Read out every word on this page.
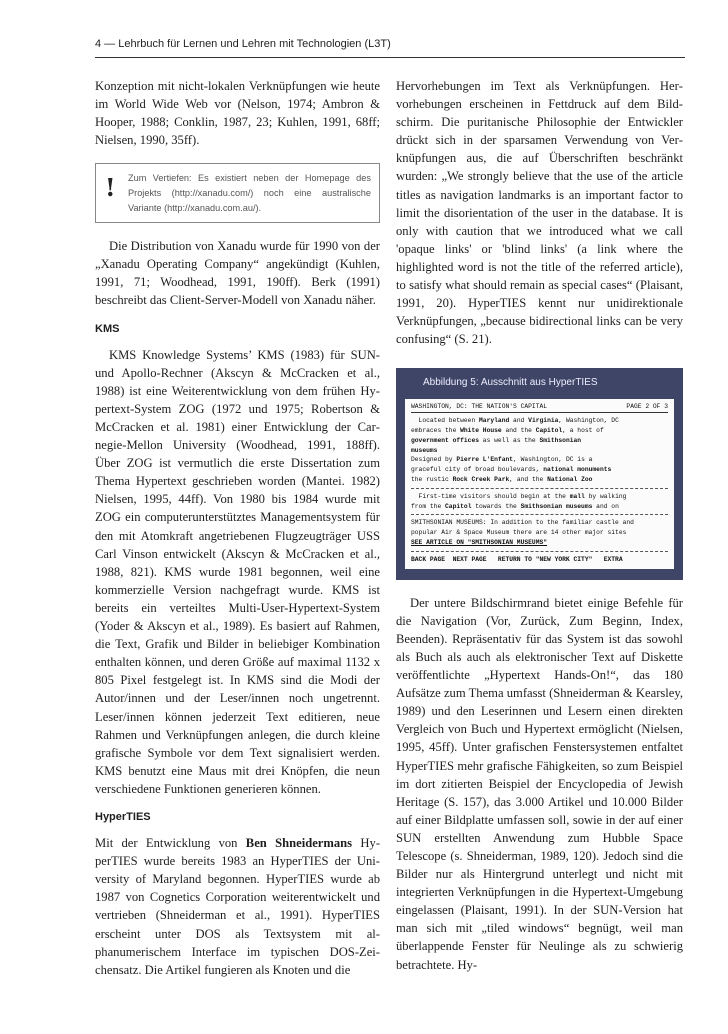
4 — Lehrbuch für Lernen und Lehren mit Technologien (L3T)

Konzeption mit nicht-lokalen Verknüpfungen wie heute im World Wide Web vor (Nelson, 1974; Ambron & Hooper, 1988; Conklin, 1987, 23; Kuhlen, 1991, 68ff; Nielsen, 1990, 35ff).

! Zum Vertiefen: Es existiert neben der Homepage des Projekts (http://xanadu.com/) noch eine australische Variante (http://xanadu.com.au/).

Die Distribution von Xanadu wurde für 1990 von der „Xanadu Operating Company“ angekündigt (Kuhlen, 1991, 71; Woodhead, 1991, 190ff). Berk (1991) beschreibt das Client-Server-Modell von Xanadu näher.

KMS

KMS Knowledge Systems’ KMS (1983) für SUN- und Apollo-Rechner (Akscyn & McCracken et al., 1988) ist eine Weiterentwicklung von dem frühen Hypertext-System ZOG (1972 und 1975; Robertson & McCracken et al. 1981) einer Entwicklung der Carnegie-Mellon University (Woodhead, 1991, 188ff). Über ZOG ist vermutlich die erste Dissertation zum Thema Hypertext geschrieben worden (Mantei. 1982) Nielsen, 1995, 44ff). Von 1980 bis 1984 wurde mit ZOG ein computerunterstütztes Managementsystem für den mit Atomkraft angetriebenen Flugzeugträger USS Carl Vinson entwickelt (Akscyn & McCracken et al., 1988, 821). KMS wurde 1981 begonnen, weil eine kommerzielle Version nachgefragt wurde. KMS ist bereits ein verteiltes Multi-User-Hypertext-System (Yoder & Akscyn et al., 1989). Es basiert auf Rahmen, die Text, Grafik und Bilder in beliebiger Kombination enthalten können, und deren Größe auf maximal 1132 x 805 Pixel festgelegt ist. In KMS sind die Modi der Autor/innen und der Leser/innen noch ungetrennt. Leser/innen können jederzeit Text editieren, neue Rahmen und Verknüpfungen anlegen, die durch kleine grafische Symbole vor dem Text signalisiert werden. KMS benutzt eine Maus mit drei Knöpfen, die neun verschiedene Funktionen generieren können.

HyperTIES

Mit der Entwicklung von Ben Shneidermans HyperTIES wurde bereits 1983 an HyperTIES der University of Maryland begonnen. HyperTIES wurde ab 1987 von Cognetics Corporation weiterentwickelt und vertrieben (Shneiderman et al., 1991). HyperTIES erscheint unter DOS als Textsystem mit alphanumerischem Interface im typischen DOS-Zeichensatz. Die Artikel fungieren als Knoten und die

Hervorhebungen im Text als Verknüpfungen. Hervorhebungen erscheinen in Fettdruck auf dem Bildschirm. Die puritanische Philosophie der Entwickler drückt sich in der sparsamen Verwendung von Verknüpfungen aus, die auf Überschriften beschränkt wurden: „We strongly believe that the use of the article titles as navigation landmarks is an important factor to limit the disorientation of the user in the database. It is only with caution that we introduced what we call 'opaque links' or 'blind links' (a link where the highlighted word is not the title of the referred article), to satisfy what should remain as special cases“ (Plaisant, 1991, 20). HyperTIES kennt nur unidirektionale Verknüpfungen, „because bidirectional links can be very confusing“ (S. 21).

Abbildung 5: Ausschnitt aus HyperTIES
WASHINGTON, DC: THE NATION'S CAPITAL	PAGE 2 OF 3
Located between Maryland and Virginia, Washington, DC
embraces the White House and the Capitol, a host of
government offices as well as the Smithsonian
museums
Designed by Pierre L'Enfant, Washington, DC is a
graceful city of broad boulevards, national monuments
the rustic Rock Creek Park, and the National Zoo
First-time visitors should begin at the mall by walking
from the Capitol towards the Smithsonian museums and on
SMITHSONIAN MUSEUMS: In addition to the familiar castle and
popular Air & Space Museum there are 14 other major sites
SEE ARTICLE ON "SMITHSONIAN MUSEUMS"
BACK PAGE  NEXT PAGE   RETURN TO "NEW YORK CITY"   EXTRA

Der untere Bildschirmrand bietet einige Befehle für die Navigation (Vor, Zurück, Zum Beginn, Index, Beenden). Repräsentativ für das System ist das sowohl als Buch als auch als elektronischer Text auf Diskette veröffentlichte „Hypertext Hands-On!“, das 180 Aufsätze zum Thema umfasst (Shneiderman & Kearsley, 1989) und den Leserinnen und Lesern einen direkten Vergleich von Buch und Hypertext ermöglicht (Nielsen, 1995, 45ff). Unter grafischen Fenstersystemen entfaltet HyperTIES mehr grafische Fähigkeiten, so zum Beispiel im dort zitierten Beispiel der Encyclopedia of Jewish Heritage (S. 157), das 3.000 Artikel und 10.000 Bilder auf einer Bildplatte umfassen soll, sowie in der auf einer SUN erstellten Anwendung zum Hubble Space Telescope (s. Shneiderman, 1989, 120). Jedoch sind die Bilder nur als Hintergrund unterlegt und nicht mit integrierten Verknüpfungen in die Hypertext-Umgebung eingelassen (Plaisant, 1991). In der SUN-Version hat man sich mit „tiled windows“ begnügt, weil man überlappende Fenster für Neulinge als zu schwierig betrachtete. Hy-
